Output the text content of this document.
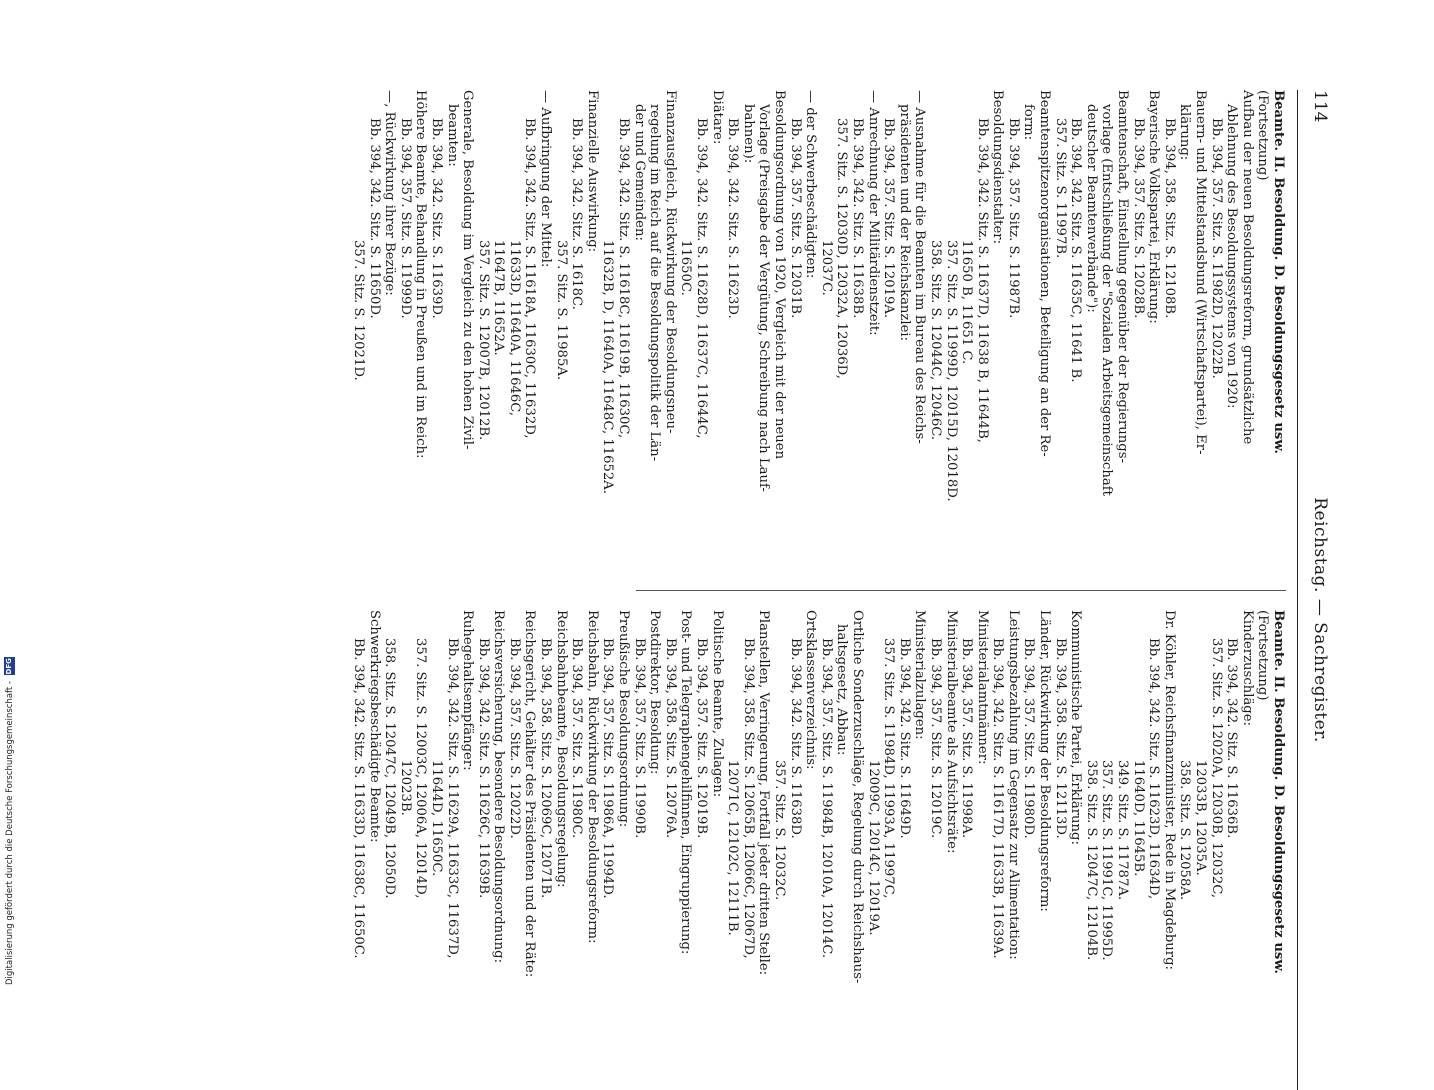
114
Reichstag. — Sachregister.
Beamte. II. Besoldung. D. Besoldungsgesetz usw.
(Fortsetzung)
Aufbau der neuen Besoldungsreform, grundsätzliche
Ablehnung des Besoldungssystems von 1920:
Bb. 394, 357. Sitz. S. 11982D, 12022B.
Bauern- und Mittelstandsbund (Wirtschaftspartei), Er-
klärung:
Bb. 394, 358. Sitz. S. 12108B.
Bayerische Volkspartei, Erklärung:
Bb. 394, 357. Sitz. S. 12028B.
Beamtenschaft, Einstellung gegenüber der Regierungs-
vorlage (Entschließung der "Sozialen Arbeitsgemeinschaft
deutscher Beamtenverbände"):
Bb. 394, 342. Sitz. S. 11635C, 11641 B.
357. Sitz. S. 11997B.
Beamtenspitzenorganisationen, Beteiligung an der Re-
form:
Bb. 394, 357. Sitz. S. 11987B.
Besoldungsdienstalter:
Bb. 394, 342. Sitz. S. 11637D, 11638 B, 11644B,
11650 B, 11651 C.
357. Sitz. S. 11999D, 12015D, 12018D.
358. Sitz. S. 12044C, 12046C.
— Ausnahme für die Beamten im Bureau des Reichs-
präsidenten und der Reichskanzlei:
Bb. 394, 357. Sitz. S. 12019A.
— Anrechnung der Militärdienstzeit:
Bb. 394, 342. Sitz. S. 11638B.
357. Sitz. S. 12030D, 12032A, 12036D,
12037C.
— der Schwerbeschädigten:
Bb. 394, 357. Sitz. S. 12031B.
Besoldungsordnung von 1920, Vergleich mit der neuen
Vorlage (Preisgabe der Vergütung, Schreibung nach Lauf-
bahnen):
Bb. 394, 342. Sitz. S. 11623D.
Diätare:
Bb. 394, 342. Sitz. S. 11628D, 11637C, 11644C,
11650C.
Finanzausgleich, Rückwirkung der Besoldungsneu-
regelung im Reich auf die Besoldungspolitik der Län-
der und Gemeinden:
Bb. 394, 342. Sitz. S. 11618C, 11619B, 11630C,
11632B, D, 11640A, 11648C, 11652A.
Finanzielle Auswirkung:
Bb. 394, 342. Sitz. S. 1618C.
357. Sitz. S. 11985A.
— Aufbringung der Mittel:
Bb. 394, 342. Sitz. S. 11618A, 11630C, 11632D,
11633D, 11640A, 11646C,
11647B, 11652A.
357. Sitz. S. 12007B, 12012B.
Generale, Besoldung im Vergleich zu den hohen Zivil-
beamten:
Bb. 394, 342. Sitz. S. 11639D.
Höhere Beamte, Behandlung in Preußen und im Reich:
Bb. 394, 357. Sitz. S. 11999D.
—, Rückwirkung ihrer Bezüge:
Bb. 394, 342. Sitz. S. 11650D.
357. Sitz. S. 12021D.
Beamte. II. Besoldung. D. Besoldungsgesetz usw.
(Fortsetzung)
Kinderzuschläge:
Bb. 394, 342. Sitz. S. 11636B.
357. Sitz. S. 12020A, 12030B, 12032C,
12033B, 12035A.
358. Sitz. S. 12058A.
Dr. Köhler, Reichsfinanzminister, Rede in Magdeburg:
Bb. 394, 342. Sitz. S. 11623D, 11634D,
11640D, 11645B.
349. Sitz. S. 11787A.
357. Sitz. S. 11991C, 11995D.
358. Sitz. S. 12047C, 12104B.
Kommunistische Partei, Erklärung:
Bb. 394, 358. Sitz. S. 12113D.
Länder, Rückwirkung der Besoldungsreform:
Bb. 394, 357. Sitz. S. 11980D.
Leistungsbezahlung im Gegensatz zur Alimentation:
Bb. 394, 342. Sitz. S. 11617D, 11633B, 11639A.
Ministerialamtmänner:
Bb. 394, 357. Sitz. S. 11998A.
Ministerialbeamte als Aufsichtsräte:
Bb. 394, 357. Sitz. S. 12019C.
Ministerialzulagen:
Bb. 394, 342. Sitz. S. 11649D.
357. Sitz. S. 11984D, 11993A, 11997C,
12009C, 12014C, 12019A.
Örtliche Sonderzuschläge, Regelung durch Reichshaus-
haltsgesetz, Abbau:
Bb. 394, 357. Sitz. S. 11984B, 12010A, 12014C.
Ortsklassenverzeichnis:
Bb. 394, 342. Sitz. S. 11638D.
357. Sitz. S. 12032C.
Planstellen, Verringerung, Fortfall jeder dritten Stelle:
Bb. 394, 358. Sitz. S. 12065B, 12066C, 12067D,
12071C, 12102C, 12111B.
Politische Beamte, Zulagen:
Bb. 394, 357. Sitz. S. 12019B.
Post- und Telegraphengehilfinnen, Eingruppierung:
Bb. 394, 358. Sitz. S. 12076A.
Postdirektor, Besoldung:
Bb. 394, 357. Sitz. S. 11990B.
Preußische Besoldungsordnung:
Bb. 394, 357. Sitz. S. 11986A, 11994D.
Reichsbahn, Rückwirkung der Besoldungsreform:
Bb. 394, 357. Sitz. S. 11980C.
Reichsbahnbeamte, Besoldungsregelung:
Bb. 394, 358. Sitz. S. 12069C, 12071B.
Reichsgericht, Gehälter des Präsidenten und der Räte:
Bb. 394, 357. Sitz. S. 12022D.
Reichsversicherung, besondere Besoldungsordnung:
Bb. 394, 342. Sitz. S. 11626C, 11639B.
Ruhegehaltsempfänger:
Bb. 394, 342. Sitz. S. 11629A, 11633C, 11637D,
11644D, 11650C.
357. Sitz. S. 12003C, 12006A, 12014D,
12023B.
358. Sitz. S. 12047C, 12049B, 12050D.
Schwerkriegsbeschädigte Beamte:
Bb. 394, 342. Sitz. S. 11633D, 11638C, 11650C.
Digitalisierung gefördert durch die Deutsche Forschungsgemeinschaft - DFG
